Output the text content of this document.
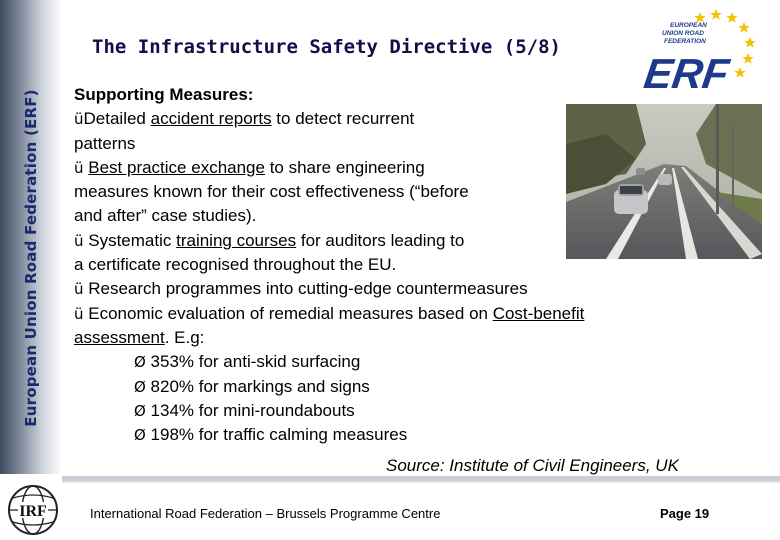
European Union Road Federation (ERF)
The Infrastructure Safety Directive (5/8)
EUROPEAN
UNION ROAD
FEDERATION
ERF
Supporting Measures:
üDetailed accident reports to detect recurrent
patterns
ü Best practice exchange to share engineering
measures known for their cost effectiveness (“before
and after” case studies).
ü Systematic training courses for auditors leading to
a certificate recognised throughout the EU.
ü Research programmes into cutting-edge countermeasures
ü Economic evaluation of remedial measures based on Cost-benefit
assessment. E.g:
Ø 353% for anti-skid surfacing
Ø 820% for markings and signs
Ø 134% for mini-roundabouts
Ø 198% for traffic calming measures
Source: Institute of Civil Engineers, UK
IRF	International Road Federation – Brussels Programme Centre	Page 19
